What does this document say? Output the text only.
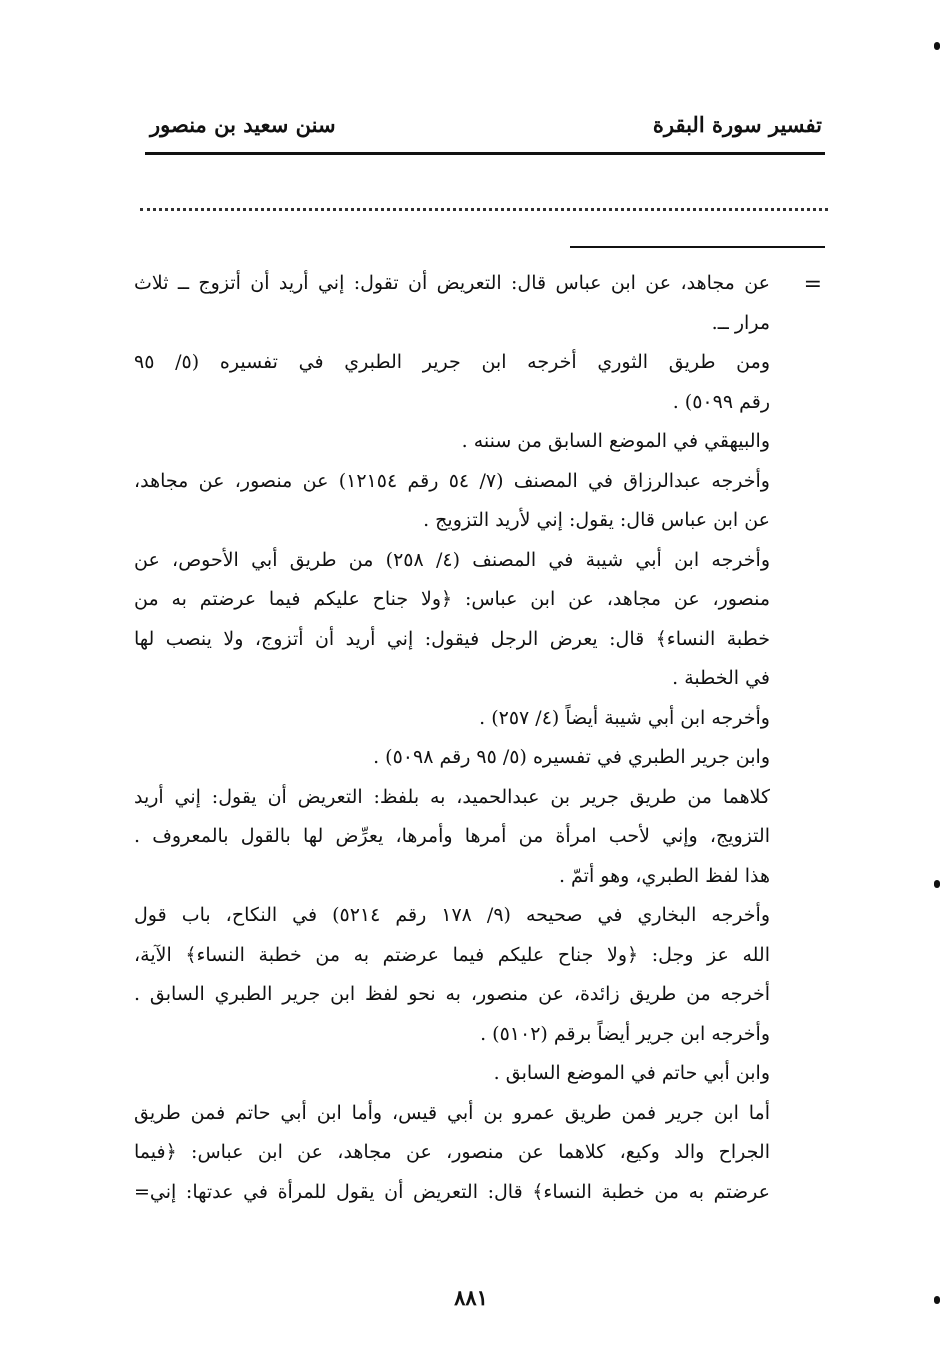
تفسير سورة البقرة
سنن سعيد بن منصور
=
عن مجاهد، عن ابن عباس قال: التعريض أن تقول: إني أريد أن أتزوج ــ ثلاث
مرار ــ.
ومن طريق الثوري أخرجه ابن جرير الطبري في تفسيره (٥/ ٩٥
رقم ٥٠٩٩) .
والبيهقي في الموضع السابق من سننه .
وأخرجه عبدالرزاق في المصنف (٧/ ٥٤ رقم ١٢١٥٤) عن منصور، عن مجاهد،
عن ابن عباس قال: يقول: إني لأريد التزويج .
وأخرجه ابن أبي شيبة في المصنف (٤/ ٢٥٨) من طريق أبي الأحوص، عن
منصور، عن مجاهد، عن ابن عباس: ﴿ولا جناح عليكم فيما عرضتم به من
خطبة النساء﴾ قال: يعرض الرجل فيقول: إني أريد أن أتزوج، ولا ينصب لها
في الخطبة .
وأخرجه ابن أبي شيبة أيضاً (٤/ ٢٥٧) .
وابن جرير الطبري في تفسيره (٥/ ٩٥ رقم ٥٠٩٨) .
كلاهما من طريق جرير بن عبدالحميد، به بلفظ: التعريض أن يقول: إني أريد
التزويج، وإني لأحب امرأة من أمرها وأمرها، يعرِّض لها بالقول بالمعروف .
هذا لفظ الطبري، وهو أتمّ .
وأخرجه البخاري في صحيحه (٩/ ١٧٨ رقم ٥٢١٤) في النكاح، باب قول
الله عز وجل: ﴿ولا جناح عليكم فيما عرضتم به من خطبة النساء﴾ الآية،
أخرجه من طريق زائدة، عن منصور، به نحو لفظ ابن جرير الطبري السابق .
وأخرجه ابن جرير أيضاً برقم (٥١٠٢) .
وابن أبي حاتم في الموضع السابق .
أما ابن جرير فمن طريق عمرو بن أبي قيس، وأما ابن أبي حاتم فمن طريق
الجراح والد وكيع، كلاهما عن منصور، عن مجاهد، عن ابن عباس: ﴿فيما
عرضتم به من خطبة النساء﴾ قال: التعريض أن يقول للمرأة في عدتها: إني=
٨٨١
